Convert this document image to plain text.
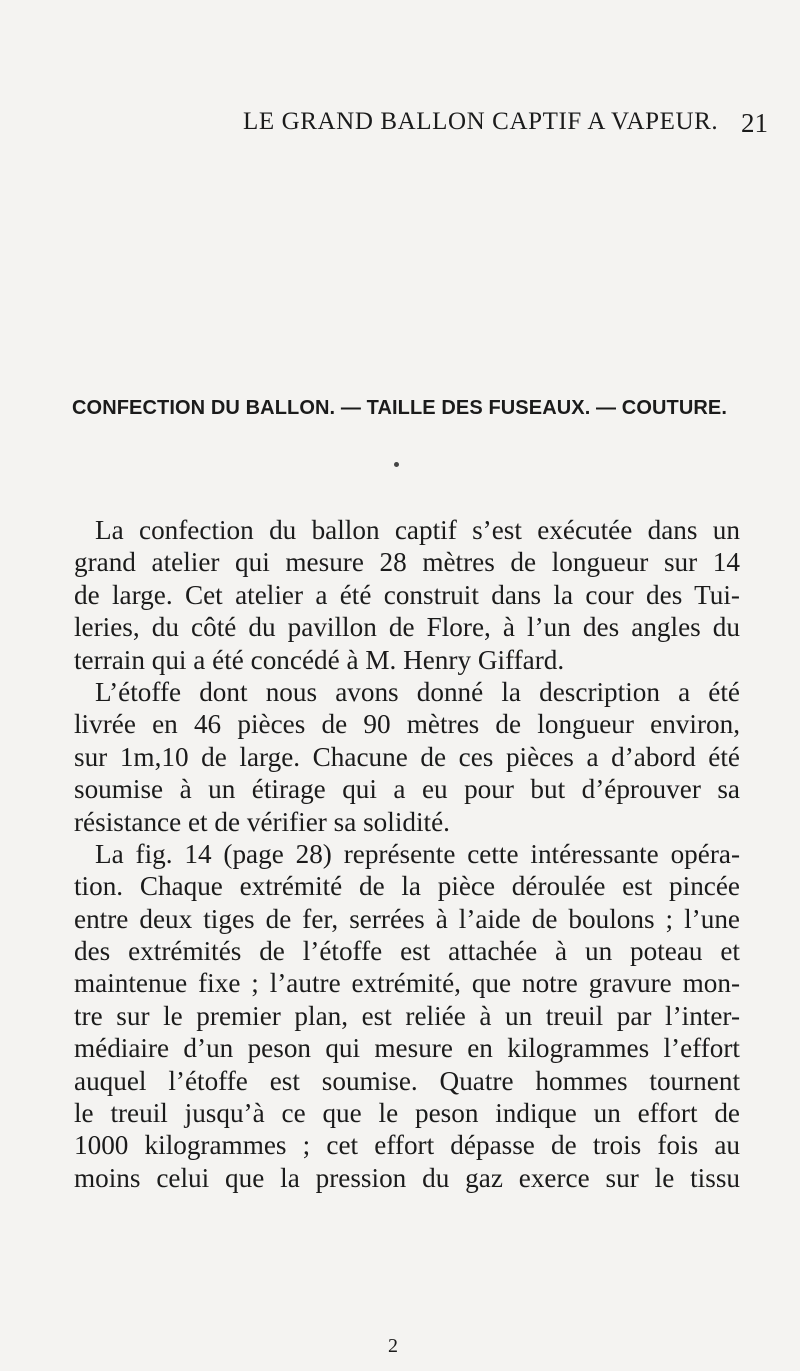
LE GRAND BALLON CAPTIF A VAPEUR. 21
CONFECTION DU BALLON. — TAILLE DES FUSEAUX. — COUTURE.
La confection du ballon captif s’est exécutée dans un
grand atelier qui mesure 28 mètres de longueur sur 14
de large. Cet atelier a été construit dans la cour des Tui-
leries, du côté du pavillon de Flore, à l’un des angles du
terrain qui a été concédé à M. Henry Giffard.
L’étoffe dont nous avons donné la description a été
livrée en 46 pièces de 90 mètres de longueur environ,
sur 1m,10 de large. Chacune de ces pièces a d’abord été
soumise à un étirage qui a eu pour but d’éprouver sa
résistance et de vérifier sa solidité.
La fig. 14 (page 28) représente cette intéressante opéra-
tion. Chaque extrémité de la pièce déroulée est pincée
entre deux tiges de fer, serrées à l’aide de boulons ; l’une
des extrémités de l’étoffe est attachée à un poteau et
maintenue fixe ; l’autre extrémité, que notre gravure mon-
tre sur le premier plan, est reliée à un treuil par l’inter-
médiaire d’un peson qui mesure en kilogrammes l’effort
auquel l’étoffe est soumise. Quatre hommes tournent
le treuil jusqu’à ce que le peson indique un effort de
1000 kilogrammes ; cet effort dépasse de trois fois au
moins celui que la pression du gaz exerce sur le tissu
2
